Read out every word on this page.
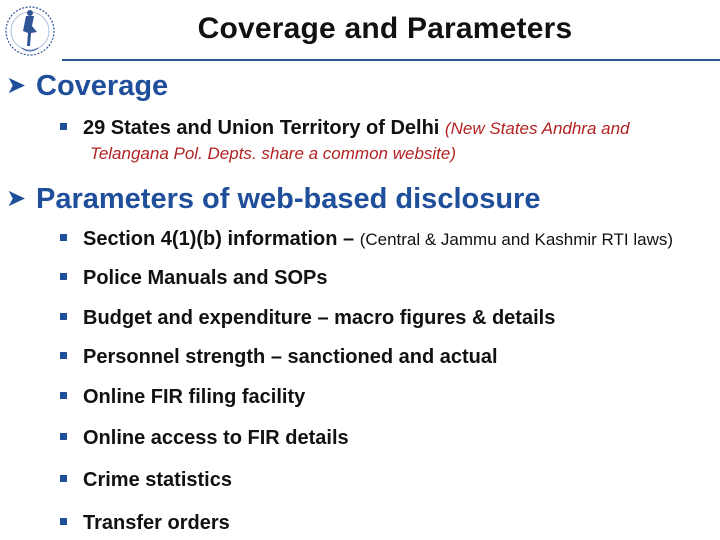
Coverage and Parameters
➤ Coverage
29 States and Union Territory of Delhi (New States Andhra and
Telangana Pol. Depts. share a common website)
➤ Parameters of web-based disclosure
Section 4(1)(b) information – (Central & Jammu and Kashmir RTI laws)
Police Manuals and SOPs
Budget and expenditure – macro figures & details
Personnel strength – sanctioned and actual
Online FIR filing facility
Online access to FIR details
Crime statistics
Transfer orders
